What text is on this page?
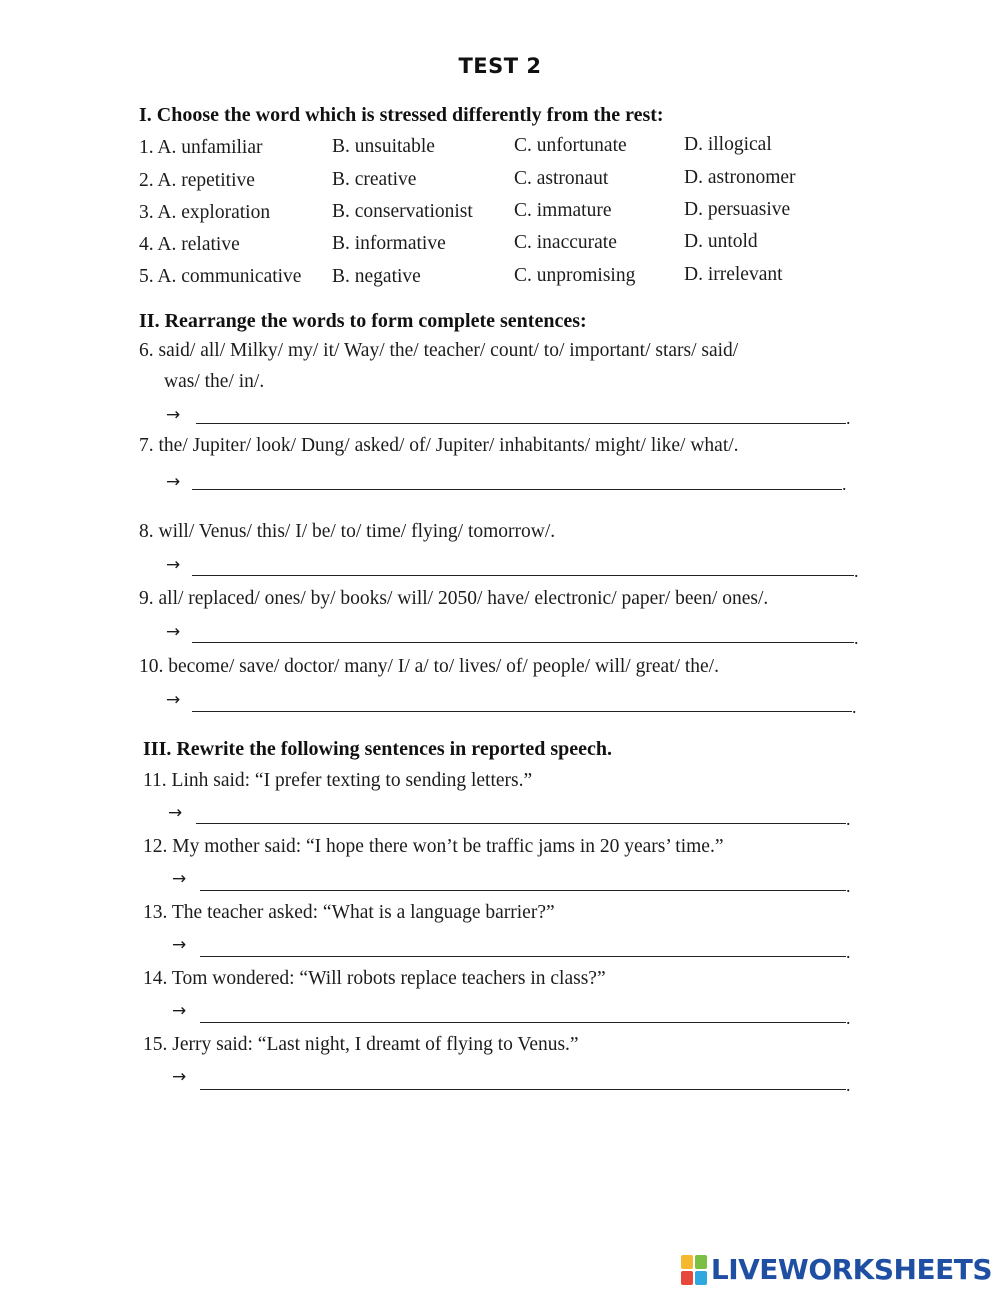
TEST 2
I. Choose the word which is stressed differently from the rest:
1. A. unfamiliar	B. unsuitable	C. unfortunate	D. illogical
2. A. repetitive	B. creative	C. astronaut	D. astronomer
3. A. exploration	B. conservationist C. immature	D. persuasive
4. A. relative	B. informative	C. inaccurate	D. untold
5. A. communicative B. negative	C. unpromising D. irrelevant
II. Rearrange the words to form complete sentences:
6. said/ all/ Milky/ my/ it/ Way/ the/ teacher/ count/ to/ important/ stars/ said/
was/ the/ in/.
→	.
7. the/ Jupiter/ look/ Dung/ asked/ of/ Jupiter/ inhabitants/ might/ like/ what/.
→	.
8. will/ Venus/ this/ I/ be/ to/ time/ flying/ tomorrow/.
→	.
9. all/ replaced/ ones/ by/ books/ will/ 2050/ have/ electronic/ paper/ been/ ones/.
→	.
10. become/ save/ doctor/ many/ I/ a/ to/ lives/ of/ people/ will/ great/ the/.
→	.
III. Rewrite the following sentences in reported speech.
11. Linh said: “I prefer texting to sending letters.”
→	.
12. My mother said: “I hope there won’t be traffic jams in 20 years’ time.”
→	.
13. The teacher asked: “What is a language barrier?”
→	.
14. Tom wondered: “Will robots replace teachers in class?”
→	.
15. Jerry said: “Last night, I dreamt of flying to Venus.”
→	.
LIVEWORKSHEETS
